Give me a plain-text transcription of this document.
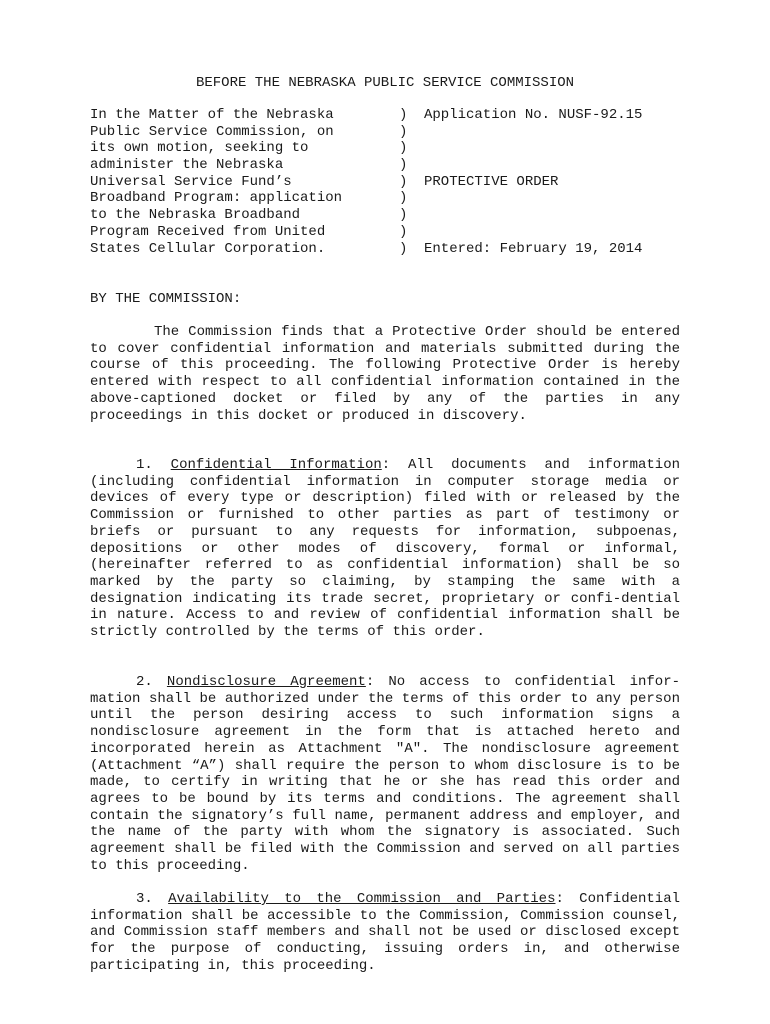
BEFORE THE NEBRASKA PUBLIC SERVICE COMMISSION
In the Matter of the Nebraska
Public Service Commission, on
its own motion, seeking to
administer the Nebraska
Universal Service Fund’s
Broadband Program: application
to the Nebraska Broadband
Program Received from United
States Cellular Corporation.
)
)
)
)
)
)
)
)
)
Application No. NUSF-92.15
PROTECTIVE ORDER
Entered: February 19, 2014
BY THE COMMISSION:
The Commission finds that a Protective Order should be entered to cover confidential information and materials submitted during the course of this proceeding. The following Protective Order is hereby entered with respect to all confidential information contained in the above-captioned docket or filed by any of the parties in any proceedings in this docket or produced in discovery.
1. Confidential Information: All documents and information (including confidential information in computer storage media or devices of every type or description) filed with or released by the Commission or furnished to other parties as part of testimony or briefs or pursuant to any requests for information, subpoenas, depositions or other modes of discovery, formal or informal, (hereinafter referred to as confidential information) shall be so marked by the party so claiming, by stamping the same with a designation indicating its trade secret, proprietary or confi-dential in nature. Access to and review of confidential information shall be strictly controlled by the terms of this order.
2. Nondisclosure Agreement: No access to confidential infor-mation shall be authorized under the terms of this order to any person until the person desiring access to such information signs a nondisclosure agreement in the form that is attached hereto and incorporated herein as Attachment "A". The nondisclosure agreement (Attachment “A”) shall require the person to whom disclosure is to be made, to certify in writing that he or she has read this order and agrees to be bound by its terms and conditions. The agreement shall contain the signatory’s full name, permanent address and employer, and the name of the party with whom the signatory is associated. Such agreement shall be filed with the Commission and served on all parties to this proceeding.
3. Availability to the Commission and Parties: Confidential information shall be accessible to the Commission, Commission counsel, and Commission staff members and shall not be used or disclosed except for the purpose of conducting, issuing orders in, and otherwise participating in, this proceeding.
